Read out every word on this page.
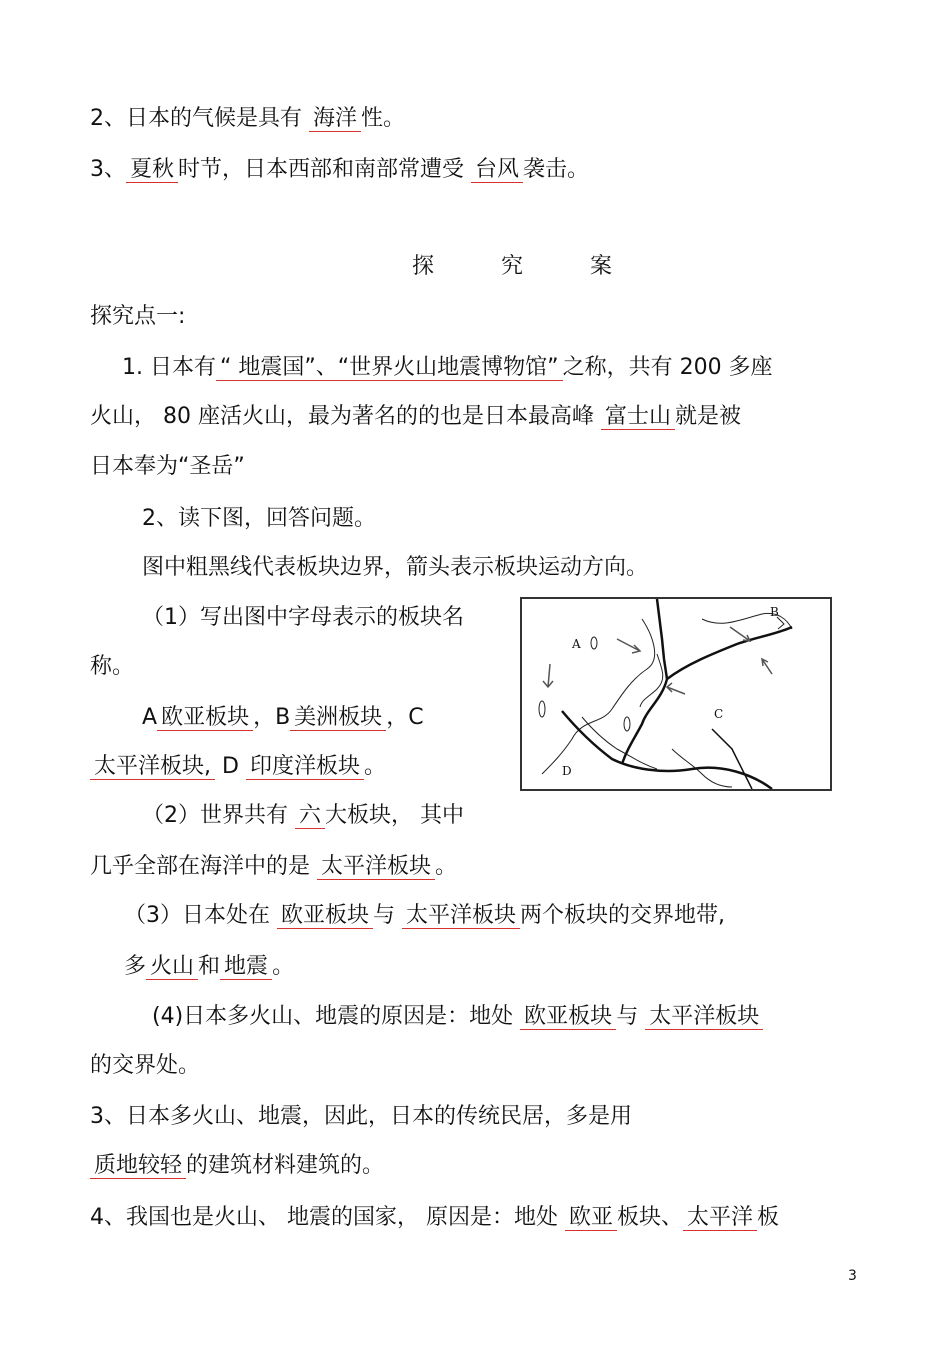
2、日本的气候是具有 海洋 性。
3、 夏秋 时节，日本西部和南部常遭受 台风 袭击。
探 究 案
探究点一:
1. 日本有 “ 地震国”、“世界火山地震博物馆” 之称，共有 200 多座
火山， 80 座活火山，最为著名的的也是日本最高峰 富士山 就是被
日本奉为“圣岳”
2、读下图，回答问题。
图中粗黑线代表板块边界，箭头表示板块运动方向。
（1）写出图中字母表示的板块名
称。
A 欧亚板块 ，B 美洲板块 ，C
太平洋板块, D 印度洋板块 。
（2）世界共有 六 大板块， 其中
几乎全部在海洋中的是 太平洋板块 。
（3）日本处在 欧亚板块 与 太平洋板块 两个板块的交界地带,
多 火山 和 地震 。
(4)日本多火山、地震的原因是：地处 欧亚板块 与 太平洋板块
的交界处。
3、日本多火山、地震，因此，日本的传统民居，多是用
质地较轻 的建筑材料建筑的。
4、我国也是火山、 地震的国家， 原因是：地处 欧亚 板块、 太平洋 板
A
B
C
D
3
